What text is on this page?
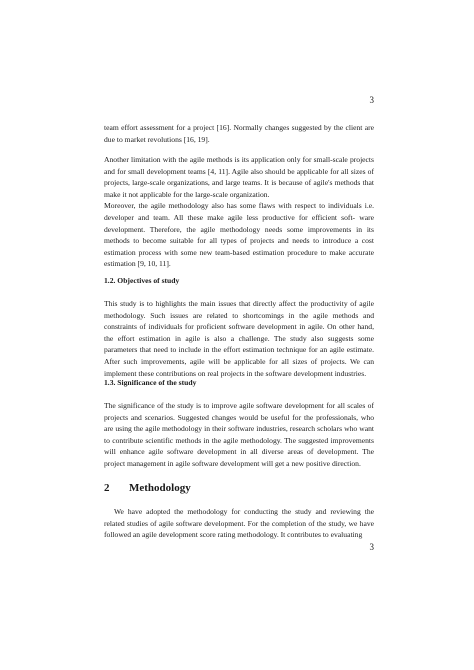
3

team effort assessment for a project [16]. Normally changes suggested by the client are due to market revolutions [16, 19].

Another limitation with the agile methods is its application only for small-scale projects and for small development teams [4, 11]. Agile also should be applicable for all sizes of projects, large-scale organizations, and large teams. It is because of agile's methods that make it not applicable for the large-scale organization.

Moreover, the agile methodology also has some flaws with respect to individuals i.e. developer and team. All these make agile less productive for efficient soft- ware development. Therefore, the agile methodology needs some improvements in its methods to become suitable for all types of projects and needs to introduce a cost estimation process with some new team-based estimation procedure to make accurate estimation [9, 10, 11].

1.2. Objectives of study

This study is to highlights the main issues that directly affect the productivity of agile methodology. Such issues are related to shortcomings in the agile methods and constraints of individuals for proficient software development in agile. On other hand, the effort estimation in agile is also a challenge. The study also suggests some parameters that need to include in the effort estimation technique for an agile estimate. After such improvements, agile will be applicable for all sizes of projects. We can implement these contributions on real projects in the software development industries.

1.3. Significance of the study

The significance of the study is to improve agile software development for all scales of projects and scenarios. Suggested changes would be useful for the professionals, who are using the agile methodology in their software industries, research scholars who want to contribute scientific methods in the agile methodology. The suggested improvements will enhance agile software development in all diverse areas of development. The project management in agile software development will get a new positive direction.

2 Methodology

We have adopted the methodology for conducting the study and reviewing the related studies of agile software development. For the completion of the study, we have followed an agile development score rating methodology. It contributes to evaluating

3
